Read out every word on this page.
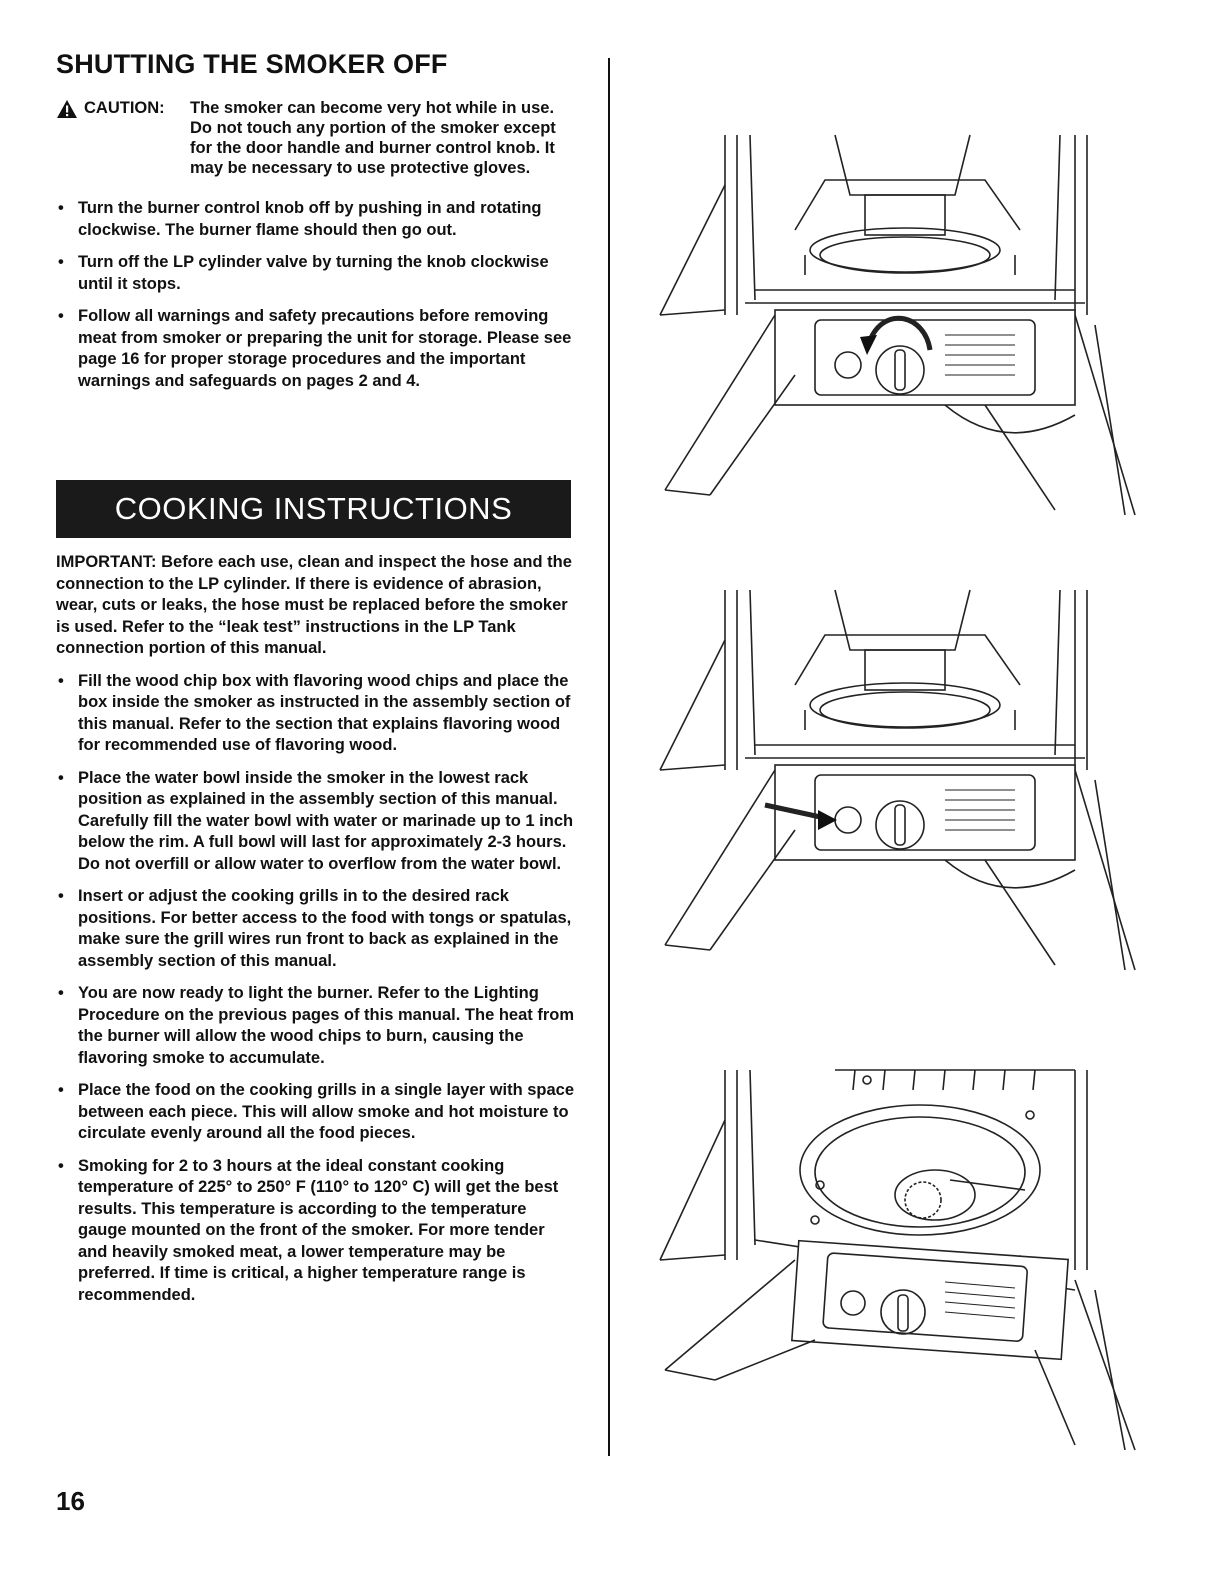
SHUTTING THE SMOKER OFF
CAUTION: The smoker can become very hot while in use. Do not touch any portion of the smoker except for the door handle and burner control knob. It may be necessary to use protective gloves.
• Turn the burner control knob off by pushing in and rotating clockwise. The burner flame should then go out.
• Turn off the LP cylinder valve by turning the knob clockwise until it stops.
• Follow all warnings and safety precautions before removing meat from smoker or preparing the unit for storage. Please see page 16 for proper storage procedures and the important warnings and safeguards on pages 2 and 4.
COOKING INSTRUCTIONS

IMPORTANT: Before each use, clean and inspect the hose and the connection to the LP cylinder. If there is evidence of abrasion, wear, cuts or leaks, the hose must be replaced before the smoker is used. Refer to the “leak test” instructions in the LP Tank connection portion of this manual.

• Fill the wood chip box with flavoring wood chips and place the box inside the smoker as instructed in the assembly section of this manual. Refer to the section that explains flavoring wood for recommended use of flavoring wood.
• Place the water bowl inside the smoker in the lowest rack position as explained in the assembly section of this manual. Carefully fill the water bowl with water or marinade up to 1 inch below the rim. A full bowl will last for approximately 2-3 hours. Do not overfill or allow water to overflow from the water bowl.
• Insert or adjust the cooking grills in to the desired rack positions. For better access to the food with tongs or spatulas, make sure the grill wires run front to back as explained in the assembly section of this manual.
• You are now ready to light the burner. Refer to the Lighting Procedure on the previous pages of this manual. The heat from the burner will allow the wood chips to burn, causing the flavoring smoke to accumulate.
• Place the food on the cooking grills in a single layer with space between each piece. This will allow smoke and hot moisture to circulate evenly around all the food pieces.
• Smoking for 2 to 3 hours at the ideal constant cooking temperature of 225° to 250° F (110° to 120° C) will get the best results. This temperature is according to the temperature gauge mounted on the front of the smoker. For more tender and heavily smoked meat, a lower temperature may be preferred. If time is critical, a higher temperature range is recommended.
16
